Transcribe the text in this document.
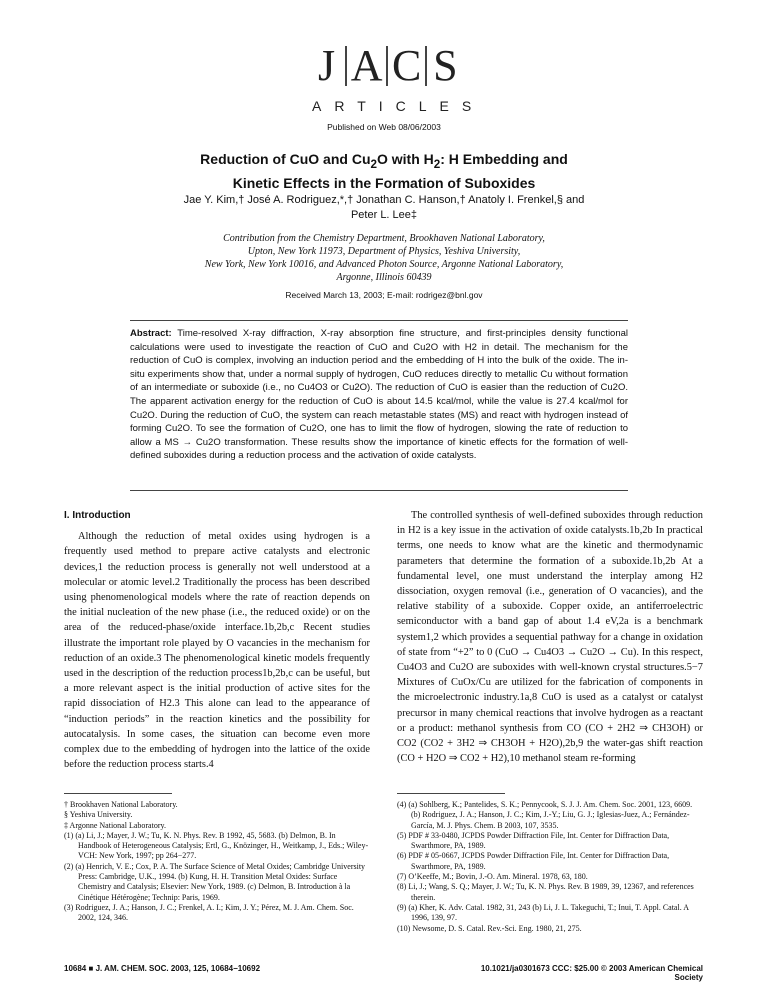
J A C S
ARTICLES
Published on Web 08/06/2003
Reduction of CuO and $Cu_2O$ with $H_2$: H Embedding and
Kinetic Effects in the Formation of Suboxides
Jae Y. Kim,† José A. Rodriguez,*,† Jonathan C. Hanson,† Anatoly I. Frenkel,§ and
Peter L. Lee‡
Contribution from the Chemistry Department, Brookhaven National Laboratory,
Upton, New York 11973, Department of Physics, Yeshiva University,
New York, New York 10016, and Advanced Photon Source, Argonne National Laboratory,
Argonne, Illinois 60439
Received March 13, 2003; E-mail: rodrigez@bnl.gov

Abstract: Time-resolved X-ray diffraction, X-ray absorption fine structure, and first-principles density functional calculations were used to investigate the reaction of CuO and Cu2O with H2 in detail. The mechanism for the reduction of CuO is complex, involving an induction period and the embedding of H into the bulk of the oxide. The in-situ experiments show that, under a normal supply of hydrogen, CuO reduces directly to metallic Cu without formation of an intermediate or suboxide (i.e., no Cu4O3 or Cu2O). The reduction of CuO is easier than the reduction of Cu2O. The apparent activation energy for the reduction of CuO is about 14.5 kcal/mol, while the value is 27.4 kcal/mol for Cu2O. During the reduction of CuO, the system can reach metastable states (MS) and react with hydrogen instead of forming Cu2O. To see the formation of Cu2O, one has to limit the flow of hydrogen, slowing the rate of reduction to allow a MS → Cu2O transformation. These results show the importance of kinetic effects for the formation of well-defined suboxides during a reduction process and the activation of oxide catalysts.

I. Introduction

Although the reduction of metal oxides using hydrogen is a frequently used method to prepare active catalysts and electronic devices,1 the reduction process is generally not well understood at a molecular or atomic level.2 Traditionally the process has been described using phenomenological models where the rate of reaction depends on the initial nucleation of the new phase (i.e., the reduced oxide) or on the area of the reduced-phase/oxide interface.1b,2b,c Recent studies illustrate the important role played by O vacancies in the mechanism for reduction of an oxide.3 The phenomenological kinetic models frequently used in the description of the reduction process1b,2b,c can be useful, but a more relevant aspect is the initial production of active sites for the rapid dissociation of H2.3 This alone can lead to the appearance of “induction periods” in the reaction kinetics and the possibility for autocatalysis. In some cases, the situation can become even more complex due to the embedding of hydrogen into the lattice of the oxide before the reduction process starts.4

The controlled synthesis of well-defined suboxides through reduction in H2 is a key issue in the activation of oxide catalysts.1b,2b In practical terms, one needs to know what are the kinetic and thermodynamic parameters that determine the formation of a suboxide.1b,2b At a fundamental level, one must understand the interplay among H2 dissociation, oxygen removal (i.e., generation of O vacancies), and the relative stability of a suboxide. Copper oxide, an antiferroelectric semiconductor with a band gap of about 1.4 eV,2a is a benchmark system1,2 which provides a sequential pathway for a change in oxidation of state from “+2” to 0 (CuO → Cu4O3 → Cu2O → Cu). In this respect, Cu4O3 and Cu2O are suboxides with well-known crystal structures.5−7 Mixtures of CuOx/Cu are utilized for the fabrication of components in the microelectronic industry.1a,8 CuO is used as a catalyst or catalyst precursor in many chemical reactions that involve hydrogen as a reactant or a product: methanol synthesis from CO (CO + 2H2 ⇒ CH3OH) or CO2 (CO2 + 3H2 ⇒ CH3OH + H2O),2b,9 the water-gas shift reaction (CO + H2O ⇒ CO2 + H2),10 methanol steam re-forming

† Brookhaven National Laboratory.

§ Yeshiva University.

‡ Argonne National Laboratory.

(1) (a) Li, J.; Mayer, J. W.; Tu, K. N. Phys. Rev. B 1992, 45, 5683. (b) Delmon, B. In Handbook of Heterogeneous Catalysis; Ertl, G., Knözinger, H., Weitkamp, J., Eds.; Wiley-VCH: New York, 1997; pp 264−277.

(2) (a) Henrich, V. E.; Cox, P. A. The Surface Science of Metal Oxides; Cambridge University Press: Cambridge, U.K., 1994. (b) Kung, H. H. Transition Metal Oxides: Surface Chemistry and Catalysis; Elsevier: New York, 1989. (c) Delmon, B. Introduction à la Cinétique Hétérogène; Technip: Paris, 1969.

(3) Rodriguez, J. A.; Hanson, J. C.; Frenkel, A. I.; Kim, J. Y.; Pérez, M. J. Am. Chem. Soc. 2002, 124, 346.

(4) (a) Sohlberg, K.; Pantelides, S. K.; Pennycook, S. J. J. Am. Chem. Soc. 2001, 123, 6609. (b) Rodriguez, J. A.; Hanson, J. C.; Kim, J.-Y.; Liu, G. J.; Iglesias-Juez, A.; Fernández-García, M. J. Phys. Chem. B 2003, 107, 3535.

(5) PDF # 33-0480, JCPDS Powder Diffraction File, Int. Center for Diffraction Data, Swarthmore, PA, 1989.

(6) PDF # 05-0667, JCPDS Powder Diffraction File, Int. Center for Diffraction Data, Swarthmore, PA, 1989.

(7) O’Keeffe, M.; Bovin, J.-O. Am. Mineral. 1978, 63, 180.

(8) Li, J.; Wang, S. Q.; Mayer, J. W.; Tu, K. N. Phys. Rev. B 1989, 39, 12367, and references therein.

(9) (a) Kher, K. Adv. Catal. 1982, 31, 243 (b) Li, J. L. Takeguchi, T.; Inui, T. Appl. Catal. A 1996, 139, 97.

(10) Newsome, D. S. Catal. Rev.-Sci. Eng. 1980, 21, 275.

10684 ■ J. AM. CHEM. SOC. 2003, 125, 10684−10692	10.1021/ja0301673 CCC: $25.00 © 2003 American Chemical Society
